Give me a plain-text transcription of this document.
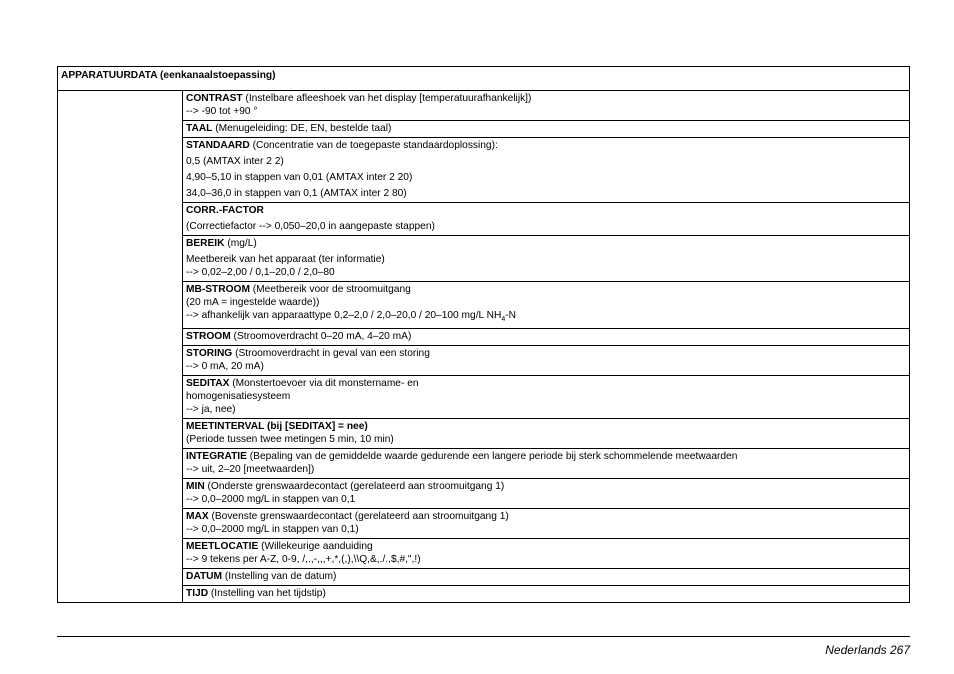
APPARATUURDATA (eenkanaalstoepassing)

CONTRAST (Instelbare afleeshoek van het display [temperatuurafhankelijk])
--> -90 tot +90 °

TAAL (Menugeleiding: DE, EN, bestelde taal)

STANDAARD (Concentratie van de toegepaste standaardoplossing):
0,5 (AMTAX inter 2 2)
4,90–5,10 in stappen van 0,01 (AMTAX inter 2 20)
34,0–36,0 in stappen van 0,1 (AMTAX inter 2 80)

CORR.-FACTOR
(Correctiefactor --> 0,050–20,0 in aangepaste stappen)

BEREIK (mg/L)
Meetbereik van het apparaat (ter informatie)
--> 0,02–2,00 / 0,1–20,0 / 2,0–80

MB-STROOM (Meetbereik voor de stroomuitgang
(20 mA = ingestelde waarde))
--> afhankelijk van apparaattype 0,2–2,0 / 2,0–20,0 / 20–100 mg/L $NH_4-N$

STROOM (Stroomoverdracht 0–20 mA, 4–20 mA)

STORING (Stroomoverdracht in geval van een storing
--> 0 mA, 20 mA)

SEDITAX (Monstertoevoer via dit monstername- en
homogenisatiesysteem
--> ja, nee)

MEETINTERVAL (bij [SEDITAX] = nee)
(Periode tussen twee metingen 5 min, 10 min)

INTEGRATIE (Bepaling van de gemiddelde waarde gedurende een langere periode bij sterk schommelende meetwaarden
--> uit, 2–20 [meetwaarden])

MIN (Onderste grenswaardecontact (gerelateerd aan stroomuitgang 1)
--> 0,0–2000 mg/L in stappen van 0,1

MAX (Bovenste grenswaardecontact (gerelateerd aan stroomuitgang 1)
--> 0,0–2000 mg/L in stappen van 0,1)

MEETLOCATIE (Willekeurige aanduiding
--> 9 tekens per A-Z, 0-9, /,.,-,,,+,*,(,),\\Q,&,./.,$,#,",!)

DATUM (Instelling van de datum)

TIJD (Instelling van het tijdstip)
Nederlands 267
